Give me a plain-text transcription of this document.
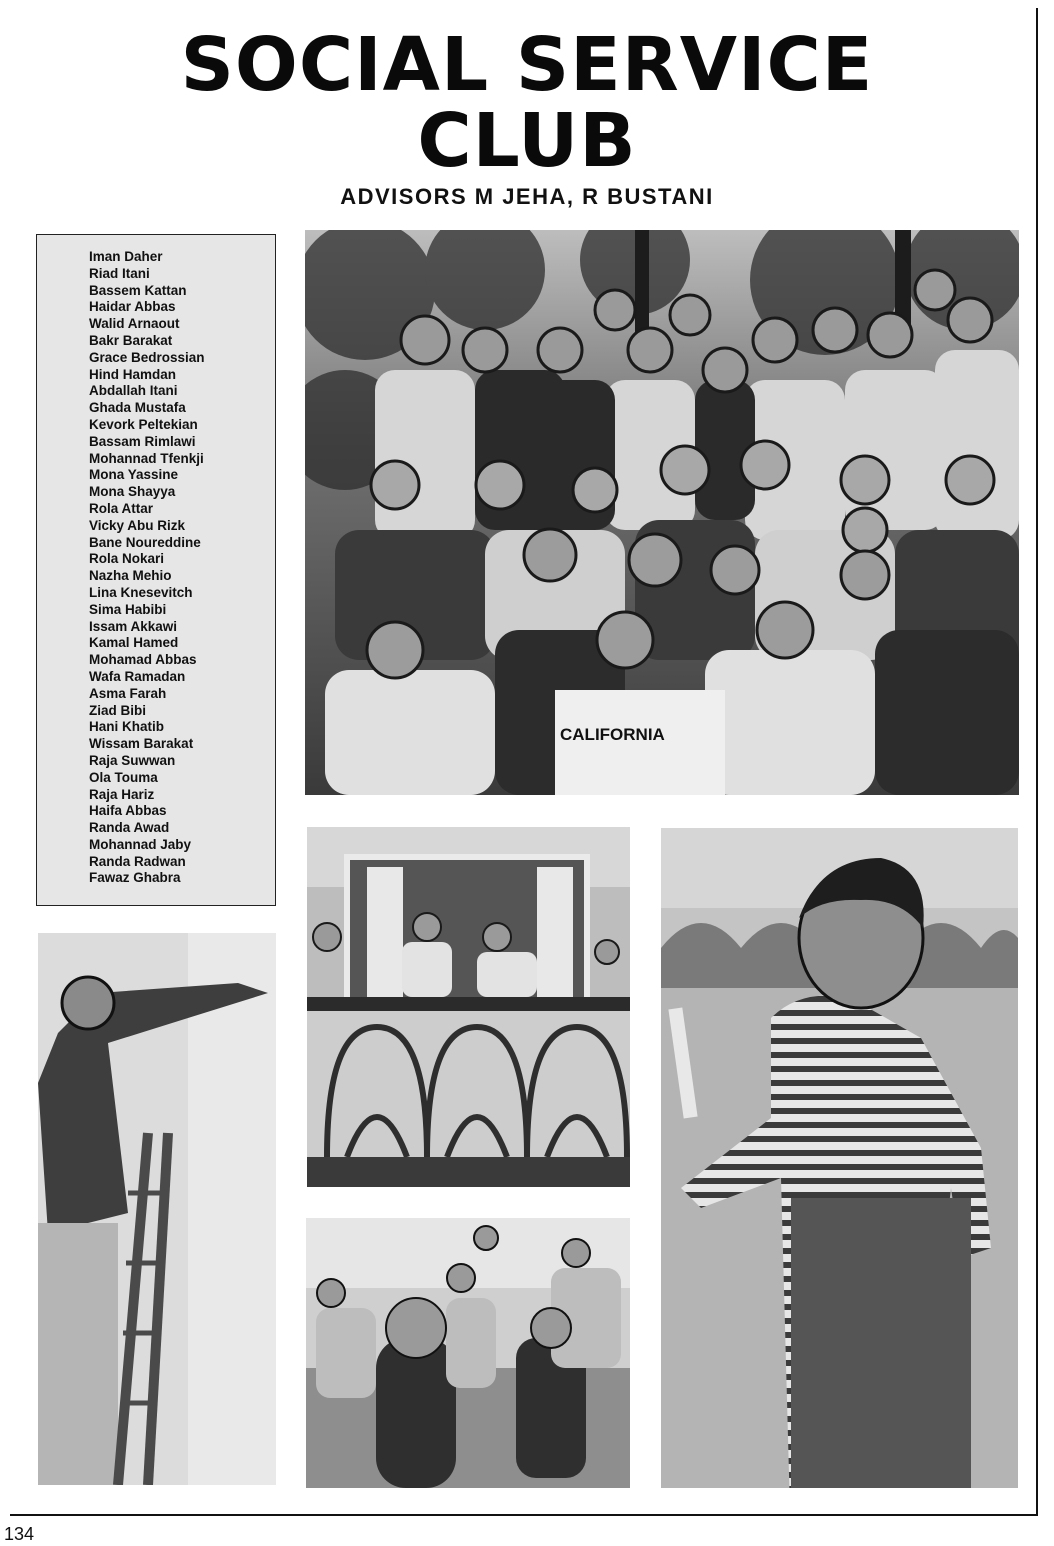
SOCIAL SERVICE
CLUB
ADVISORS M JEHA, R BUSTANI
Iman Daher
Riad Itani
Bassem Kattan
Haidar Abbas
Walid Arnaout
Bakr Barakat
Grace Bedrossian
Hind Hamdan
Abdallah Itani
Ghada Mustafa
Kevork Peltekian
Bassam Rimlawi
Mohannad Tfenkji
Mona Yassine
Mona Shayya
Rola Attar
Vicky Abu Rizk
Bane Noureddine
Rola Nokari
Nazha Mehio
Lina Knesevitch
Sima Habibi
Issam Akkawi
Kamal Hamed
Mohamad Abbas
Wafa Ramadan
Asma Farah
Ziad Bibi
Hani Khatib
Wissam Barakat
Raja Suwwan
Ola Touma
Raja Hariz
Haifa Abbas
Randa Awad
Mohannad Jaby
Randa Radwan
Fawaz Ghabra
CALIFORNIA
134
